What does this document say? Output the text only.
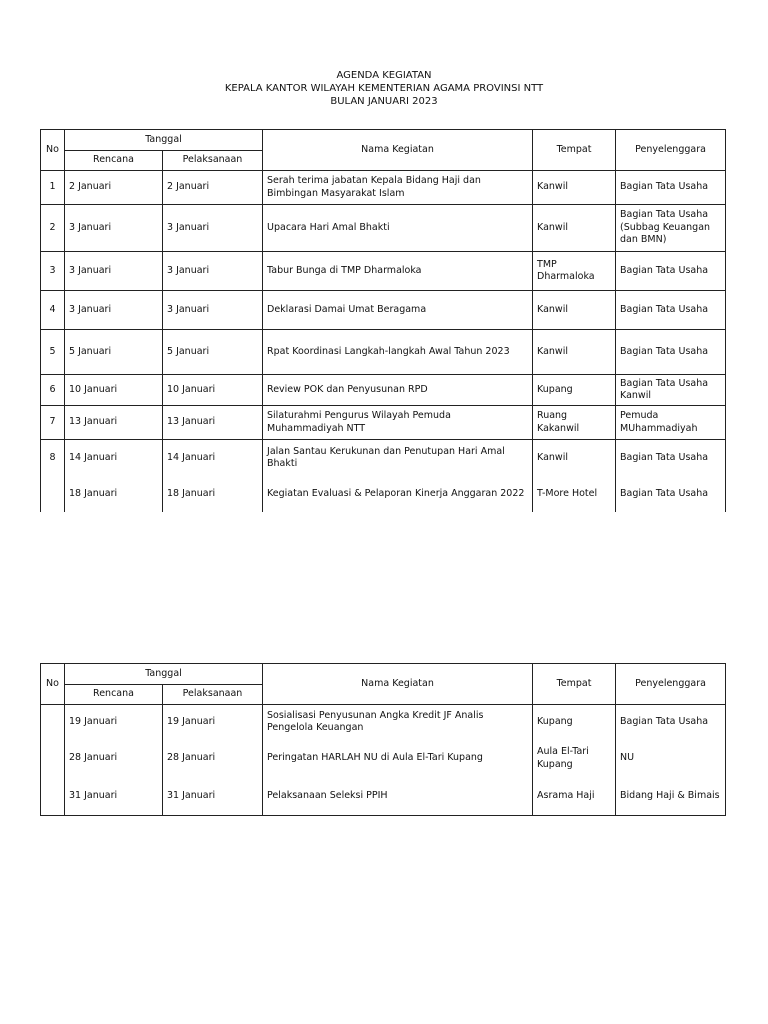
AGENDA KEGIATAN
KEPALA KANTOR WILAYAH KEMENTERIAN AGAMA PROVINSI NTT
BULAN JANUARI 2023
No	Tanggal		Nama Kegiatan	Tempat	Penyelenggara
	Rencana	Pelaksanaan			
1	2 Januari	2 Januari	Serah terima jabatan Kepala Bidang Haji dan Bimbingan Masyarakat Islam	Kanwil	Bagian Tata Usaha
2	3 Januari	3 Januari	Upacara Hari Amal Bhakti	Kanwil	Bagian Tata Usaha (Subbag Keuangan dan BMN)
3	3 Januari	3 Januari	Tabur Bunga di TMP Dharmaloka	TMP Dharmaloka	Bagian Tata Usaha
4	3 Januari	3 Januari	Deklarasi Damai Umat Beragama	Kanwil	Bagian Tata Usaha
5	5 Januari	5 Januari	Rpat Koordinasi Langkah-langkah Awal Tahun 2023	Kanwil	Bagian Tata Usaha
6	10 Januari	10 Januari	Review POK dan Penyusunan RPD	Kupang	Bagian Tata Usaha Kanwil
7	13 Januari	13 Januari	Silaturahmi Pengurus Wilayah Pemuda Muhammadiyah NTT	Ruang Kakanwil	Pemuda MUhammadiyah
8	14 Januari	14 Januari	Jalan Santau Kerukunan dan Penutupan Hari Amal Bhakti	Kanwil	Bagian Tata Usaha
	18 Januari	18 Januari	Kegiatan Evaluasi & Pelaporan Kinerja Anggaran 2022	T-More Hotel	Bagian Tata Usaha
No	Tanggal		Nama Kegiatan	Tempat	Penyelenggara
	Rencana	Pelaksanaan			
	19 Januari	19 Januari	Sosialisasi Penyusunan Angka Kredit JF Analis Pengelola Keuangan	Kupang	Bagian Tata Usaha
	28 Januari	28 Januari	Peringatan HARLAH NU di Aula El-Tari Kupang	Aula El-Tari Kupang	NU
	31 Januari	31 Januari	Pelaksanaan Seleksi PPIH	Asrama Haji	Bidang Haji & Bimais
